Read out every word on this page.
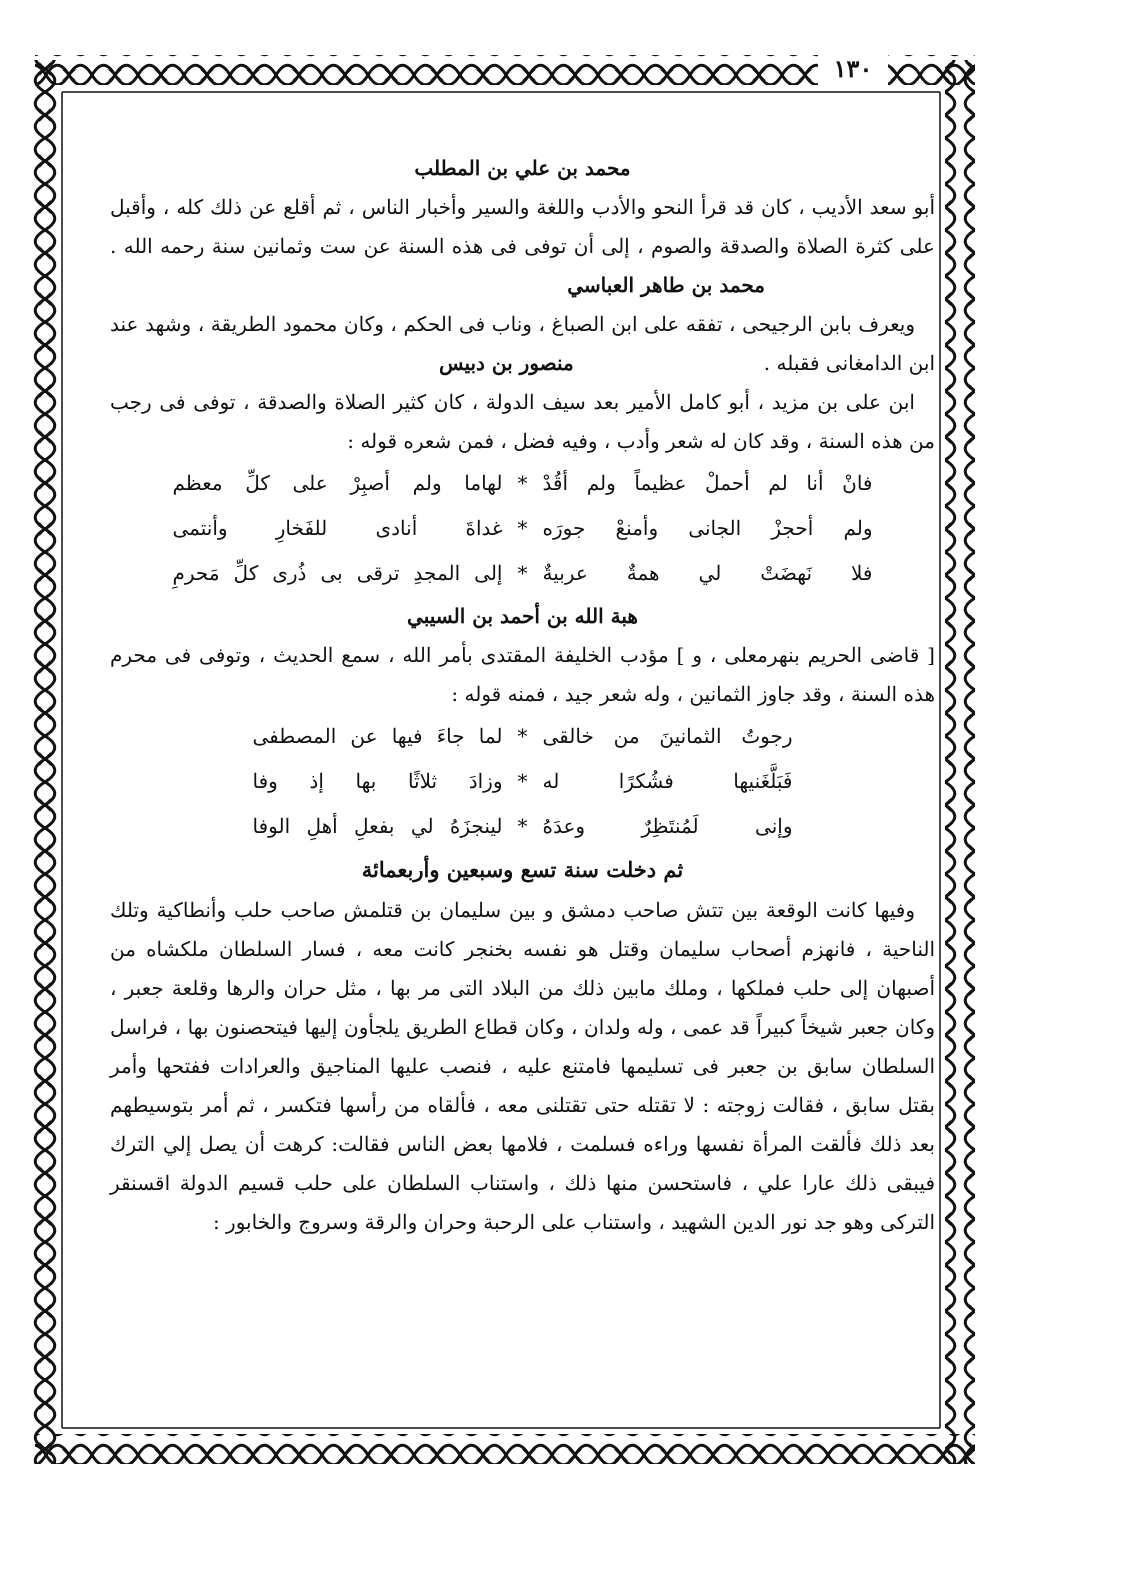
١٣٠
محمد بن علي بن المطلب

أبو سعد الأديب ، كان قد قرأ النحو والأدب واللغة والسير وأخبار الناس ، ثم أقلع عن ذلك كله ، وأقبل على كثرة الصلاة والصدقة والصوم ، إلى أن توفى فى هذه السنة عن ست وثمانين سنة رحمه الله .محمد بن طاهر العباسي

ويعرف بابن الرجيحى ، تفقه على ابن الصباغ ، وناب فى الحكم ، وكان محمود الطريقة ، وشهد عند ابن الدامغانى فقبله .منصور بن دبيس

ابن على بن مزيد ، أبو كامل الأمير بعد سيف الدولة ، كان كثير الصلاة والصدقة ، توفى فى رجب من هذه السنة ، وقد كان له شعر وأدب ، وفيه فضل ، فمن شعره قوله :

فانْ أنا لم أحملْ عظيماً ولم أقُدْ
*
لهاما ولم أصبِرْ على كلِّ معظم
ولم أحجزْ الجانى وأمنعْ جورَه
*
غداةَ أنادى للفَخارِ وأنتمى
فلا نَهضَتْ لي همةٌ عربيةٌ
*
إلى المجدِ ترقى بى ذُرى كلِّ مَحرمِ
هبة الله بن أحمد بن السيبي

[ قاضى الحريم بنهرمعلى ، و ] مؤدب الخليفة المقتدى بأمر الله ، سمع الحديث ، وتوفى فى محرم هذه السنة ، وقد جاوز الثمانين ، وله شعر جيد ، فمنه قوله :

رجوتُ الثمانينَ من خالقى
*
لما جاءَ فيها عن المصطفى
فَبَلَّغَنيها فشُكرًا له
*
وزادَ ثلاثًا بها إذ وفا
وإنى لَمُنتَظِرٌ وعدَهُ
*
لينجزَهُ لي بفعلِ أهلِ الوفا
ثم دخلت سنة تسع وسبعين وأربعمائة

وفيها كانت الوقعة بين تتش صاحب دمشق و بين سليمان بن قتلمش صاحب حلب وأنطاكية وتلك الناحية ، فانهزم أصحاب سليمان وقتل هو نفسه بخنجر كانت معه ، فسار السلطان ملكشاه من أصبهان إلى حلب فملكها ، وملك مابين ذلك من البلاد التى مر بها ، مثل حران والرها وقلعة جعبر ، وكان جعبر شيخاً كبيراً قد عمى ، وله ولدان ، وكان قطاع الطريق يلجأون إليها فيتحصنون بها ، فراسل السلطان سابق بن جعبر فى تسليمها فامتنع عليه ، فنصب عليها المناجيق والعرادات ففتحها وأمر بقتل سابق ، فقالت زوجته : لا تقتله حتى تقتلنى معه ، فألقاه من رأسها فتكسر ، ثم أمر بتوسيطهم بعد ذلك فألقت المرأة نفسها وراءه فسلمت ، فلامها بعض الناس فقالت: كرهت أن يصل إلي الترك فيبقى ذلك عارا علي ، فاستحسن منها ذلك ، واستناب السلطان على حلب قسيم الدولة اقسنقر التركى وهو جد نور الدين الشهيد ، واستناب على الرحبة وحران والرقة وسروج والخابور :
